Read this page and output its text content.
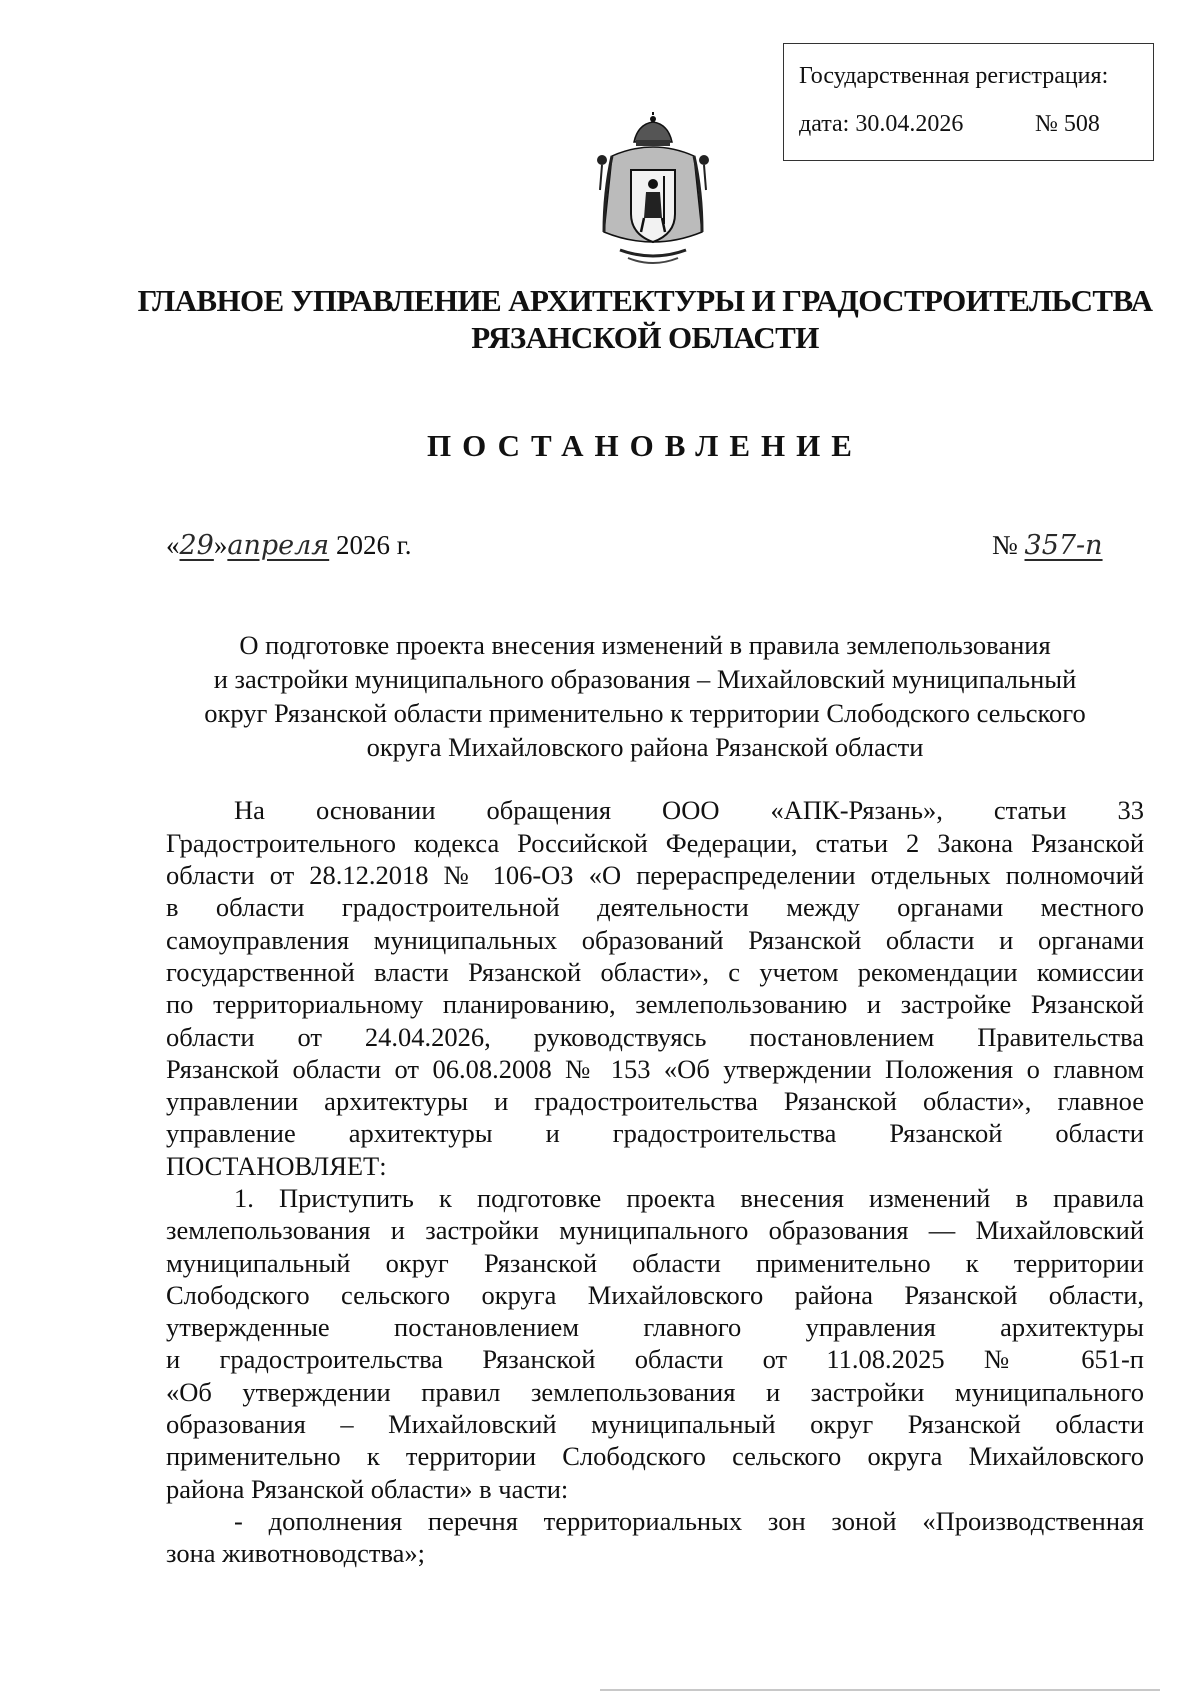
Государственная регистрация:
дата: 30.04.2026	№ 508
ГЛАВНОЕ УПРАВЛЕНИЕ АРХИТЕКТУРЫ И ГРАДОСТРОИТЕЛЬСТВА
РЯЗАНСКОЙ ОБЛАСТИ
ПОСТАНОВЛЕНИЕ
«29»апреля 2026 г.	№ 357-п
О подготовке проекта внесения изменений в правила землепользования
и застройки муниципального образования – Михайловский муниципальный
округ Рязанской области применительно к территории Слободского сельского
округа Михайловского района Рязанской области
На основании обращения ООО «АПК-Рязань», статьи 33
Градостроительного кодекса Российской Федерации, статьи 2 Закона Рязанской
области от 28.12.2018 № 106-ОЗ «О перераспределении отдельных полномочий
в области градостроительной деятельности между органами местного
самоуправления муниципальных образований Рязанской области и органами
государственной власти Рязанской области», с учетом рекомендации комиссии
по территориальному планированию, землепользованию и застройке Рязанской
области от 24.04.2026, руководствуясь постановлением Правительства
Рязанской области от 06.08.2008 № 153 «Об утверждении Положения о главном
управлении архитектуры и градостроительства Рязанской области», главное
управление архитектуры и градостроительства Рязанской области
ПОСТАНОВЛЯЕТ:
1. Приступить к подготовке проекта внесения изменений в правила
землепользования и застройки муниципального образования — Михайловский
муниципальный округ Рязанской области применительно к территории
Слободского сельского округа Михайловского района Рязанской области,
утвержденные постановлением главного управления архитектуры
и градостроительства Рязанской области от 11.08.2025 № 651-п
«Об утверждении правил землепользования и застройки муниципального
образования – Михайловский муниципальный округ Рязанской области
применительно к территории Слободского сельского округа Михайловского
района Рязанской области» в части:
- дополнения перечня территориальных зон зоной «Производственная
зона животноводства»;
